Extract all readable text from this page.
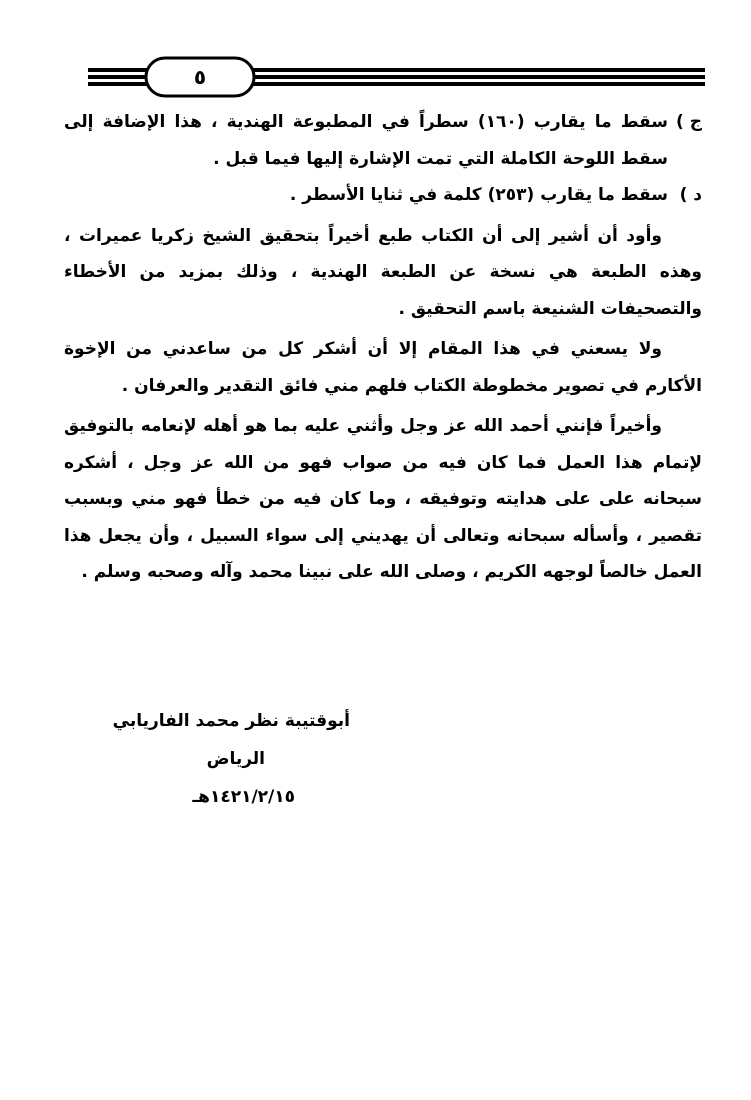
٥

ج )
سقط ما يقارب (١٦٠) سطراً في المطبوعة الهندية ، هذا الإضافة إلى سقط اللوحة الكاملة التي تمت الإشارة إليها فيما قبل .

د )
سقط ما يقارب (٢٥٣) كلمة في ثنايا الأسطر .

وأود أن أشير إلى أن الكتاب طبع أخيراً بتحقيق الشيخ زكريا عميرات ، وهذه الطبعة هي نسخة عن الطبعة الهندية ، وذلك بمزيد من الأخطاء والتصحيفات الشنيعة باسم التحقيق .

ولا يسعني في هذا المقام إلا أن أشكر كل من ساعدني من الإخوة الأكارم في تصوير مخطوطة الكتاب فلهم مني فائق التقدير والعرفان .

وأخيراً فإنني أحمد الله عز وجل وأثني عليه بما هو أهله لإنعامه بالتوفيق لإتمام هذا العمل فما كان فيه من صواب فهو من الله عز وجل ، أشكره سبحانه على على هدايته وتوفيقه ، وما كان فيه من خطأ فهو مني وبسبب تقصير ، وأسأله سبحانه وتعالى أن يهديني إلى سواء السبيل ، وأن يجعل هذا العمل خالصاً لوجهه الكريم ، وصلى الله على نبينا محمد وآله وصحبه وسلم .

أبوقتيبة نظر محمد الفاريابي
الرياض
١٤٢١/٢/١٥هـ
